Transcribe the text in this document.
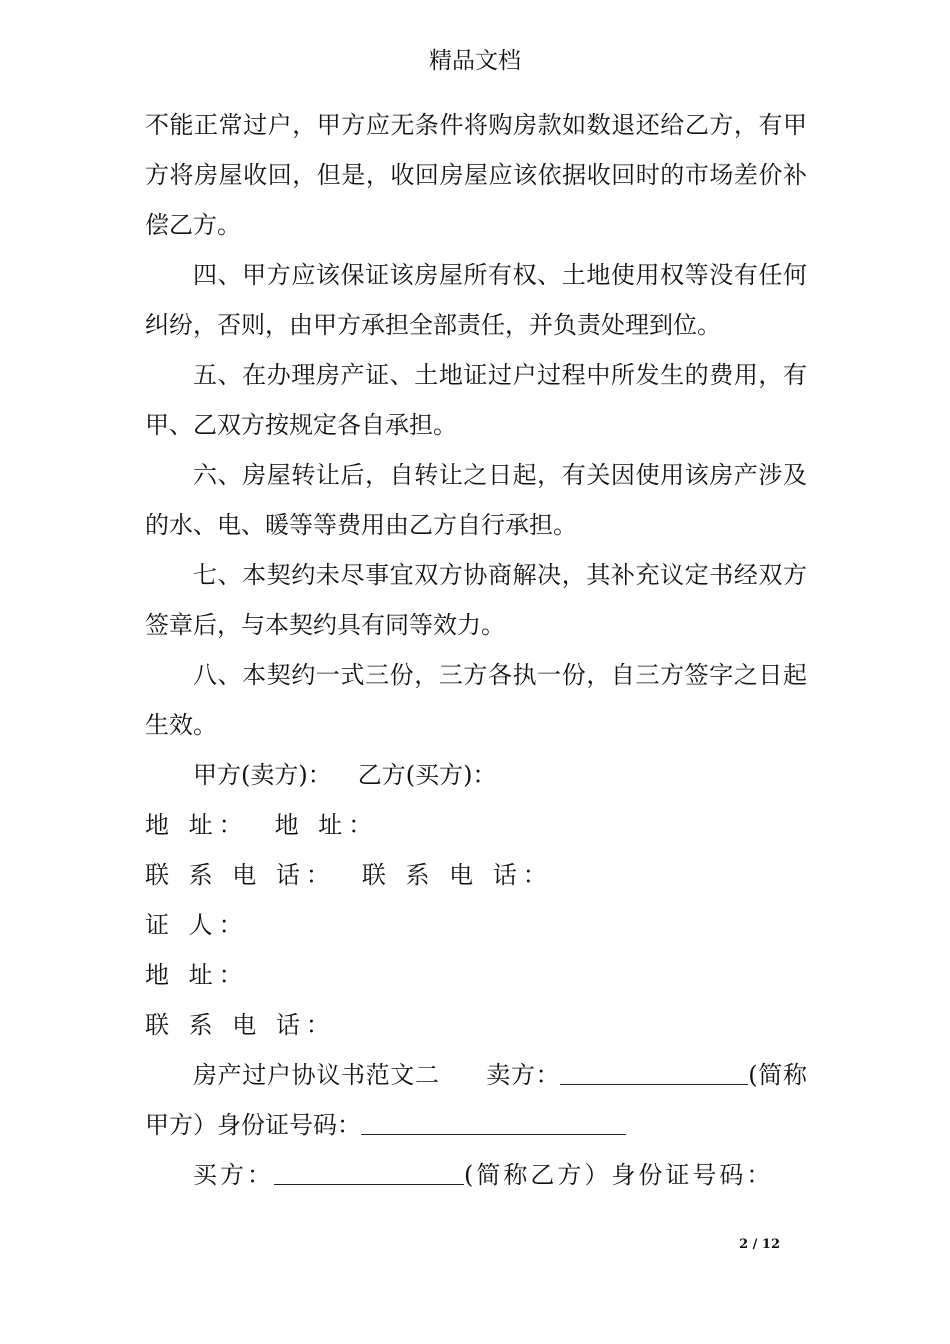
精品文档

不能正常过户，甲方应无条件将购房款如数退还给乙方，有甲方将房屋收回，但是，收回房屋应该依据收回时的市场差价补偿乙方。

四、甲方应该保证该房屋所有权、土地使用权等没有任何纠纷，否则，由甲方承担全部责任，并负责处理到位。

五、在办理房产证、土地证过户过程中所发生的费用，有甲、乙双方按规定各自承担。

六、房屋转让后，自转让之日起，有关因使用该房产涉及的水、电、暖等等费用由乙方自行承担。

七、本契约未尽事宜双方协商解决，其补充议定书经双方签章后，与本契约具有同等效力。

八、本契约一式三份，三方各执一份，自三方签字之日起生效。

甲方(卖方)： 乙方(买方)：

地 址： 地 址：

联 系 电 话： 联 系 电 话：

证 人：

地 址：

联 系 电 话：

房产过户协议书范文二 卖方：	(简称甲方）身份证号码：

买方：	(简称乙方）身份证号码：

2 / 12
